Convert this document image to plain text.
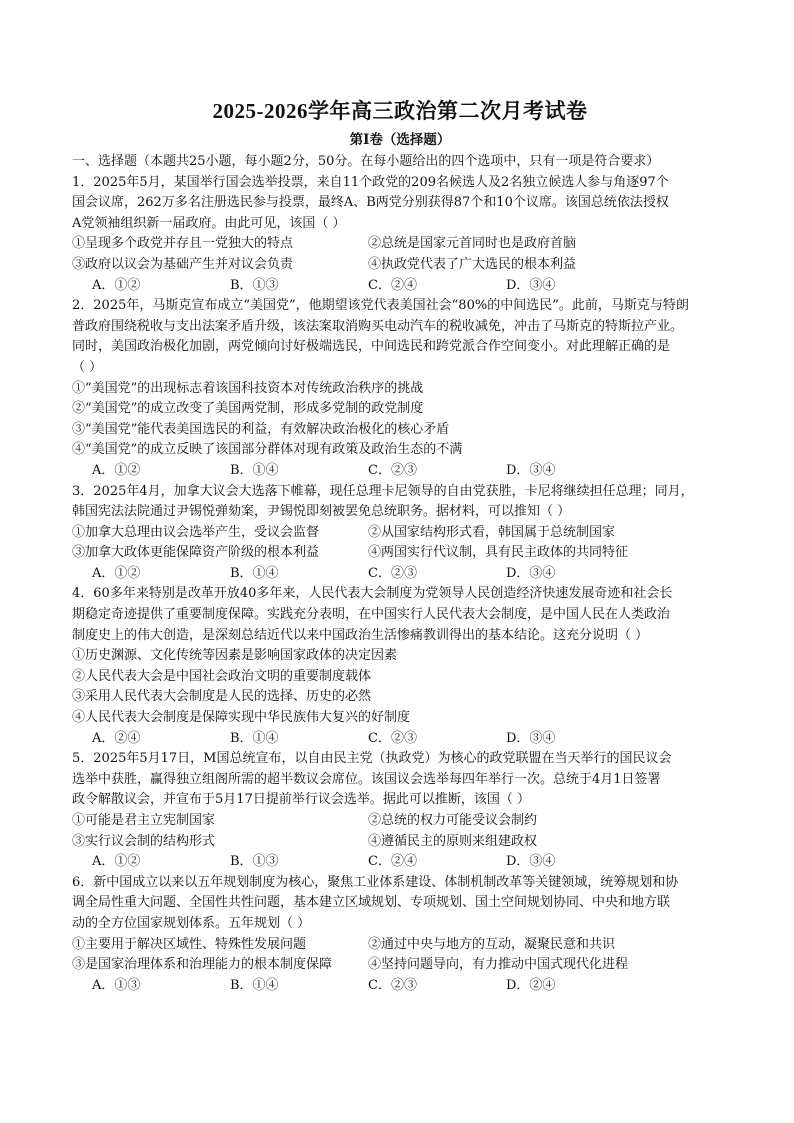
2025-2026学年高三政治第二次月考试卷
第Ⅰ卷（选择题）
一、选择题（本题共25小题，每小题2分，50分。在每小题给出的四个选项中，只有一项是符合要求）
1．2025年5月，某国举行国会选举投票，来自11个政党的209名候选人及2名独立候选人参与角逐97个
国会议席，262万多名注册选民参与投票，最终A、B两党分别获得87个和10个议席。该国总统依法授权
A党领袖组织新一届政府。由此可见，该国（ ）
①呈现多个政党并存且一党独大的特点	②总统是国家元首同时也是政府首脑
③政府以议会为基础产生并对议会负责	④执政党代表了广大选民的根本利益
A．①②	B．①③	C．②④	D．③④
2．2025年，马斯克宣布成立“美国党”，他期望该党代表美国社会“80%的中间选民”。此前，马斯克与特朗
普政府围绕税收与支出法案矛盾升级，该法案取消购买电动汽车的税收减免，冲击了马斯克的特斯拉产业。
同时，美国政治极化加剧，两党倾向讨好极端选民，中间选民和跨党派合作空间变小。对此理解正确的是
（ ）
①“美国党”的出现标志着该国科技资本对传统政治秩序的挑战
②“美国党”的成立改变了美国两党制，形成多党制的政党制度
③“美国党”能代表美国选民的利益，有效解决政治极化的核心矛盾
④“美国党”的成立反映了该国部分群体对现有政策及政治生态的不满
A．①②	B．①④	C．②③	D．③④
3．2025年4月，加拿大议会大选落下帷幕，现任总理卡尼领导的自由党获胜，卡尼将继续担任总理；同月，
韩国宪法法院通过尹锡悦弹劾案，尹锡悦即刻被罢免总统职务。据材料，可以推知（ ）
①加拿大总理由议会选举产生，受议会监督	②从国家结构形式看，韩国属于总统制国家
③加拿大政体更能保障资产阶级的根本利益	④两国实行代议制，具有民主政体的共同特征
A．①②	B．①④	C．②③	D．③④
4．60多年来特别是改革开放40多年来，人民代表大会制度为党领导人民创造经济快速发展奇迹和社会长
期稳定奇迹提供了重要制度保障。实践充分表明，在中国实行人民代表大会制度，是中国人民在人类政治
制度史上的伟大创造，是深刻总结近代以来中国政治生活惨痛教训得出的基本结论。这充分说明（ ）
①历史渊源、文化传统等因素是影响国家政体的决定因素
②人民代表大会是中国社会政治文明的重要制度载体
③采用人民代表大会制度是人民的选择、历史的必然
④人民代表大会制度是保障实现中华民族伟大复兴的好制度
A．②④	B．①④	C．②③	D．③④
5．2025年5月17日，M国总统宣布，以自由民主党（执政党）为核心的政党联盟在当天举行的国民议会
选举中获胜，赢得独立组阁所需的超半数议会席位。该国议会选举每四年举行一次。总统于4月1日签署
政令解散议会，并宣布于5月17日提前举行议会选举。据此可以推断，该国（ ）
①可能是君主立宪制国家	②总统的权力可能受议会制约
③实行议会制的结构形式	④遵循民主的原则来组建政权
A．①②	B．①③	C．②④	D．③④
6．新中国成立以来以五年规划制度为核心，聚焦工业体系建设、体制机制改革等关键领域，统筹规划和协
调全局性重大问题、全国性共性问题，基本建立区域规划、专项规划、国土空间规划协同、中央和地方联
动的全方位国家规划体系。五年规划（ ）
①主要用于解决区域性、特殊性发展问题	②通过中央与地方的互动，凝聚民意和共识
③是国家治理体系和治理能力的根本制度保障	④坚持问题导向，有力推动中国式现代化进程
A．①③	B．①④	C．②③	D．②④
